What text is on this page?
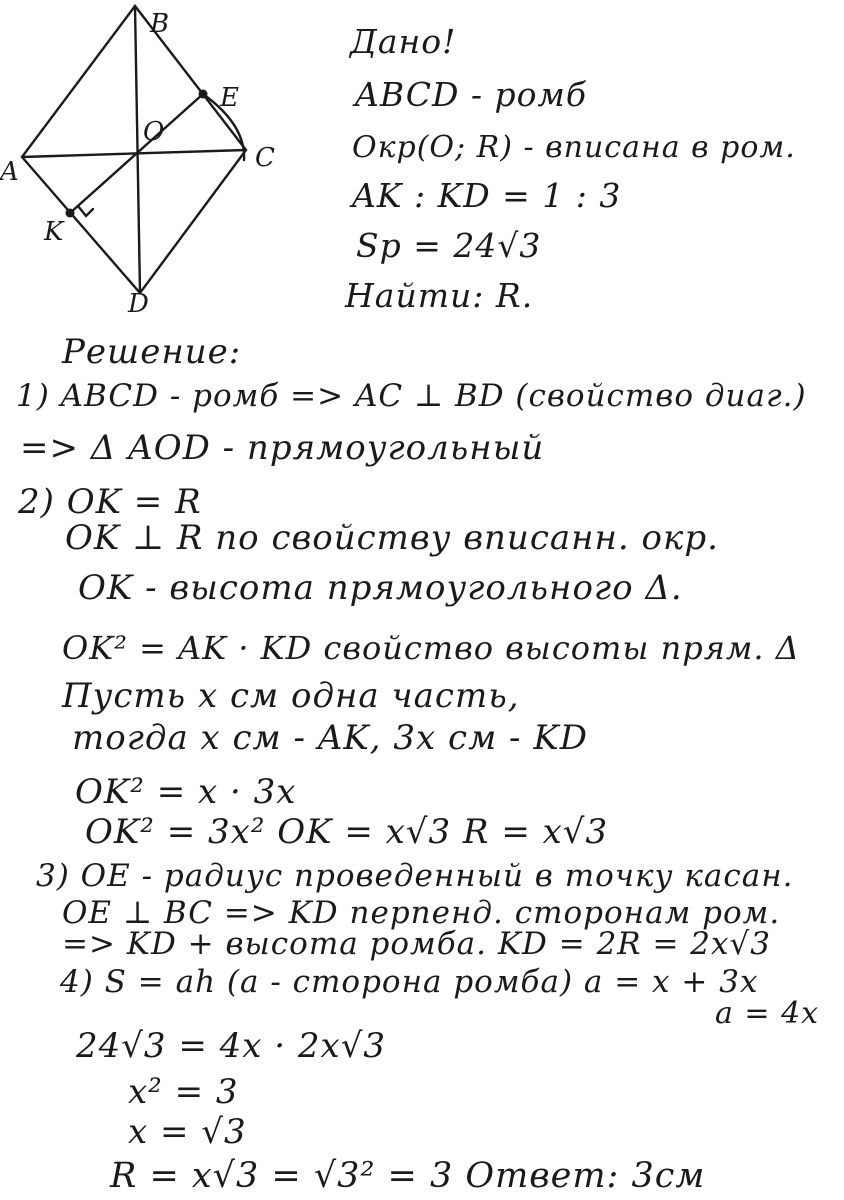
B
E
O
C
A
K
D
Дано!
ABCD - ромб
Окр(O; R) - вписана в ром.
AK : KD = 1 : 3
Sр = 24√3
Найти: R.
Решение:
1) ABCD - ромб => AC ⊥ BD (свойство диаг.)
=> Δ AOD - прямоугольный
2) OK = R
OK ⊥ R по свойству вписанн. окр.
OK - высота прямоугольного Δ.
OK² = AK · KD свойство высоты прям. Δ
Пусть x см одна часть,
тогда x см - AK, 3x см - KD
OK² = x · 3x
OK² = 3x² OK = x√3 R = x√3
3) OE - радиус проведенный в точку касан.
OE ⊥ BC => KD перпенд. сторонам ром.
=> KD + высота ромба. KD = 2R = 2x√3
4) S = ah (a - сторона ромба) a = x + 3x
a = 4x
24√3 = 4x · 2x√3
x² = 3
x = √3
R = x√3 = √3² = 3 Ответ: 3см
